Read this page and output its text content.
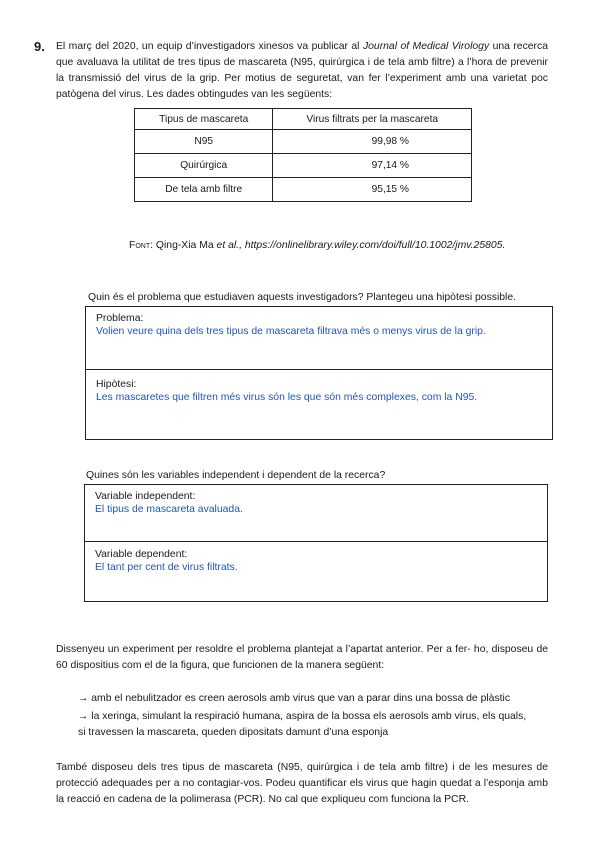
9. El març del 2020, un equip d’investigadors xinesos va publicar al Journal of Medical Virology una recerca que avaluava la utilitat de tres tipus de mascareta (N95, quirúrgica i de tela amb filtre) a l’hora de prevenir la transmissió del virus de la grip. Per motius de seguretat, van fer l’experiment amb una varietat poc patògena del virus. Les dades obtingudes van les següents:
Tipus de mascareta	Virus filtrats per la mascareta
N95	99,98 %
Quirúrgica	97,14 %
De tela amb filtre	95,15 %
Font: Qing-Xia Ma et al., https://onlinelibrary.wiley.com/doi/full/10.1002/jmv.25805.
Quin és el problema que estudiaven aquests investigadors? Plantegeu una hipòtesi possible.
Problema:
Volien veure quina dels tres tipus de mascareta filtrava més o menys virus de la grip.
Hipòtesi:
Les mascaretes que filtren més virus són les que són més complexes, com la N95.
Quines són les variables independent i dependent de la recerca?
Variable independent:
El tipus de mascareta avaluada.
Variable dependent:
El tant per cent de virus filtrats.
Dissenyeu un experiment per resoldre el problema plantejat a l’apartat anterior. Per a fer- ho, disposeu de 60 dispositius com el de la figura, que funcionen de la manera següent:
→ amb el nebulitzador es creen aerosols amb virus que van a parar dins una bossa de plàstic
→ la xeringa, simulant la respiració humana, aspira de la bossa els aerosols amb virus, els quals, si travessen la mascareta, queden dipositats damunt d’una esponja
També disposeu dels tres tipus de mascareta (N95, quirúrgica i de tela amb filtre) i de les mesures de protecció adequades per a no contagiar-vos. Podeu quantificar els virus que hagin quedat a l’esponja amb la reacció en cadena de la polimerasa (PCR). No cal que expliqueu com funciona la PCR.
